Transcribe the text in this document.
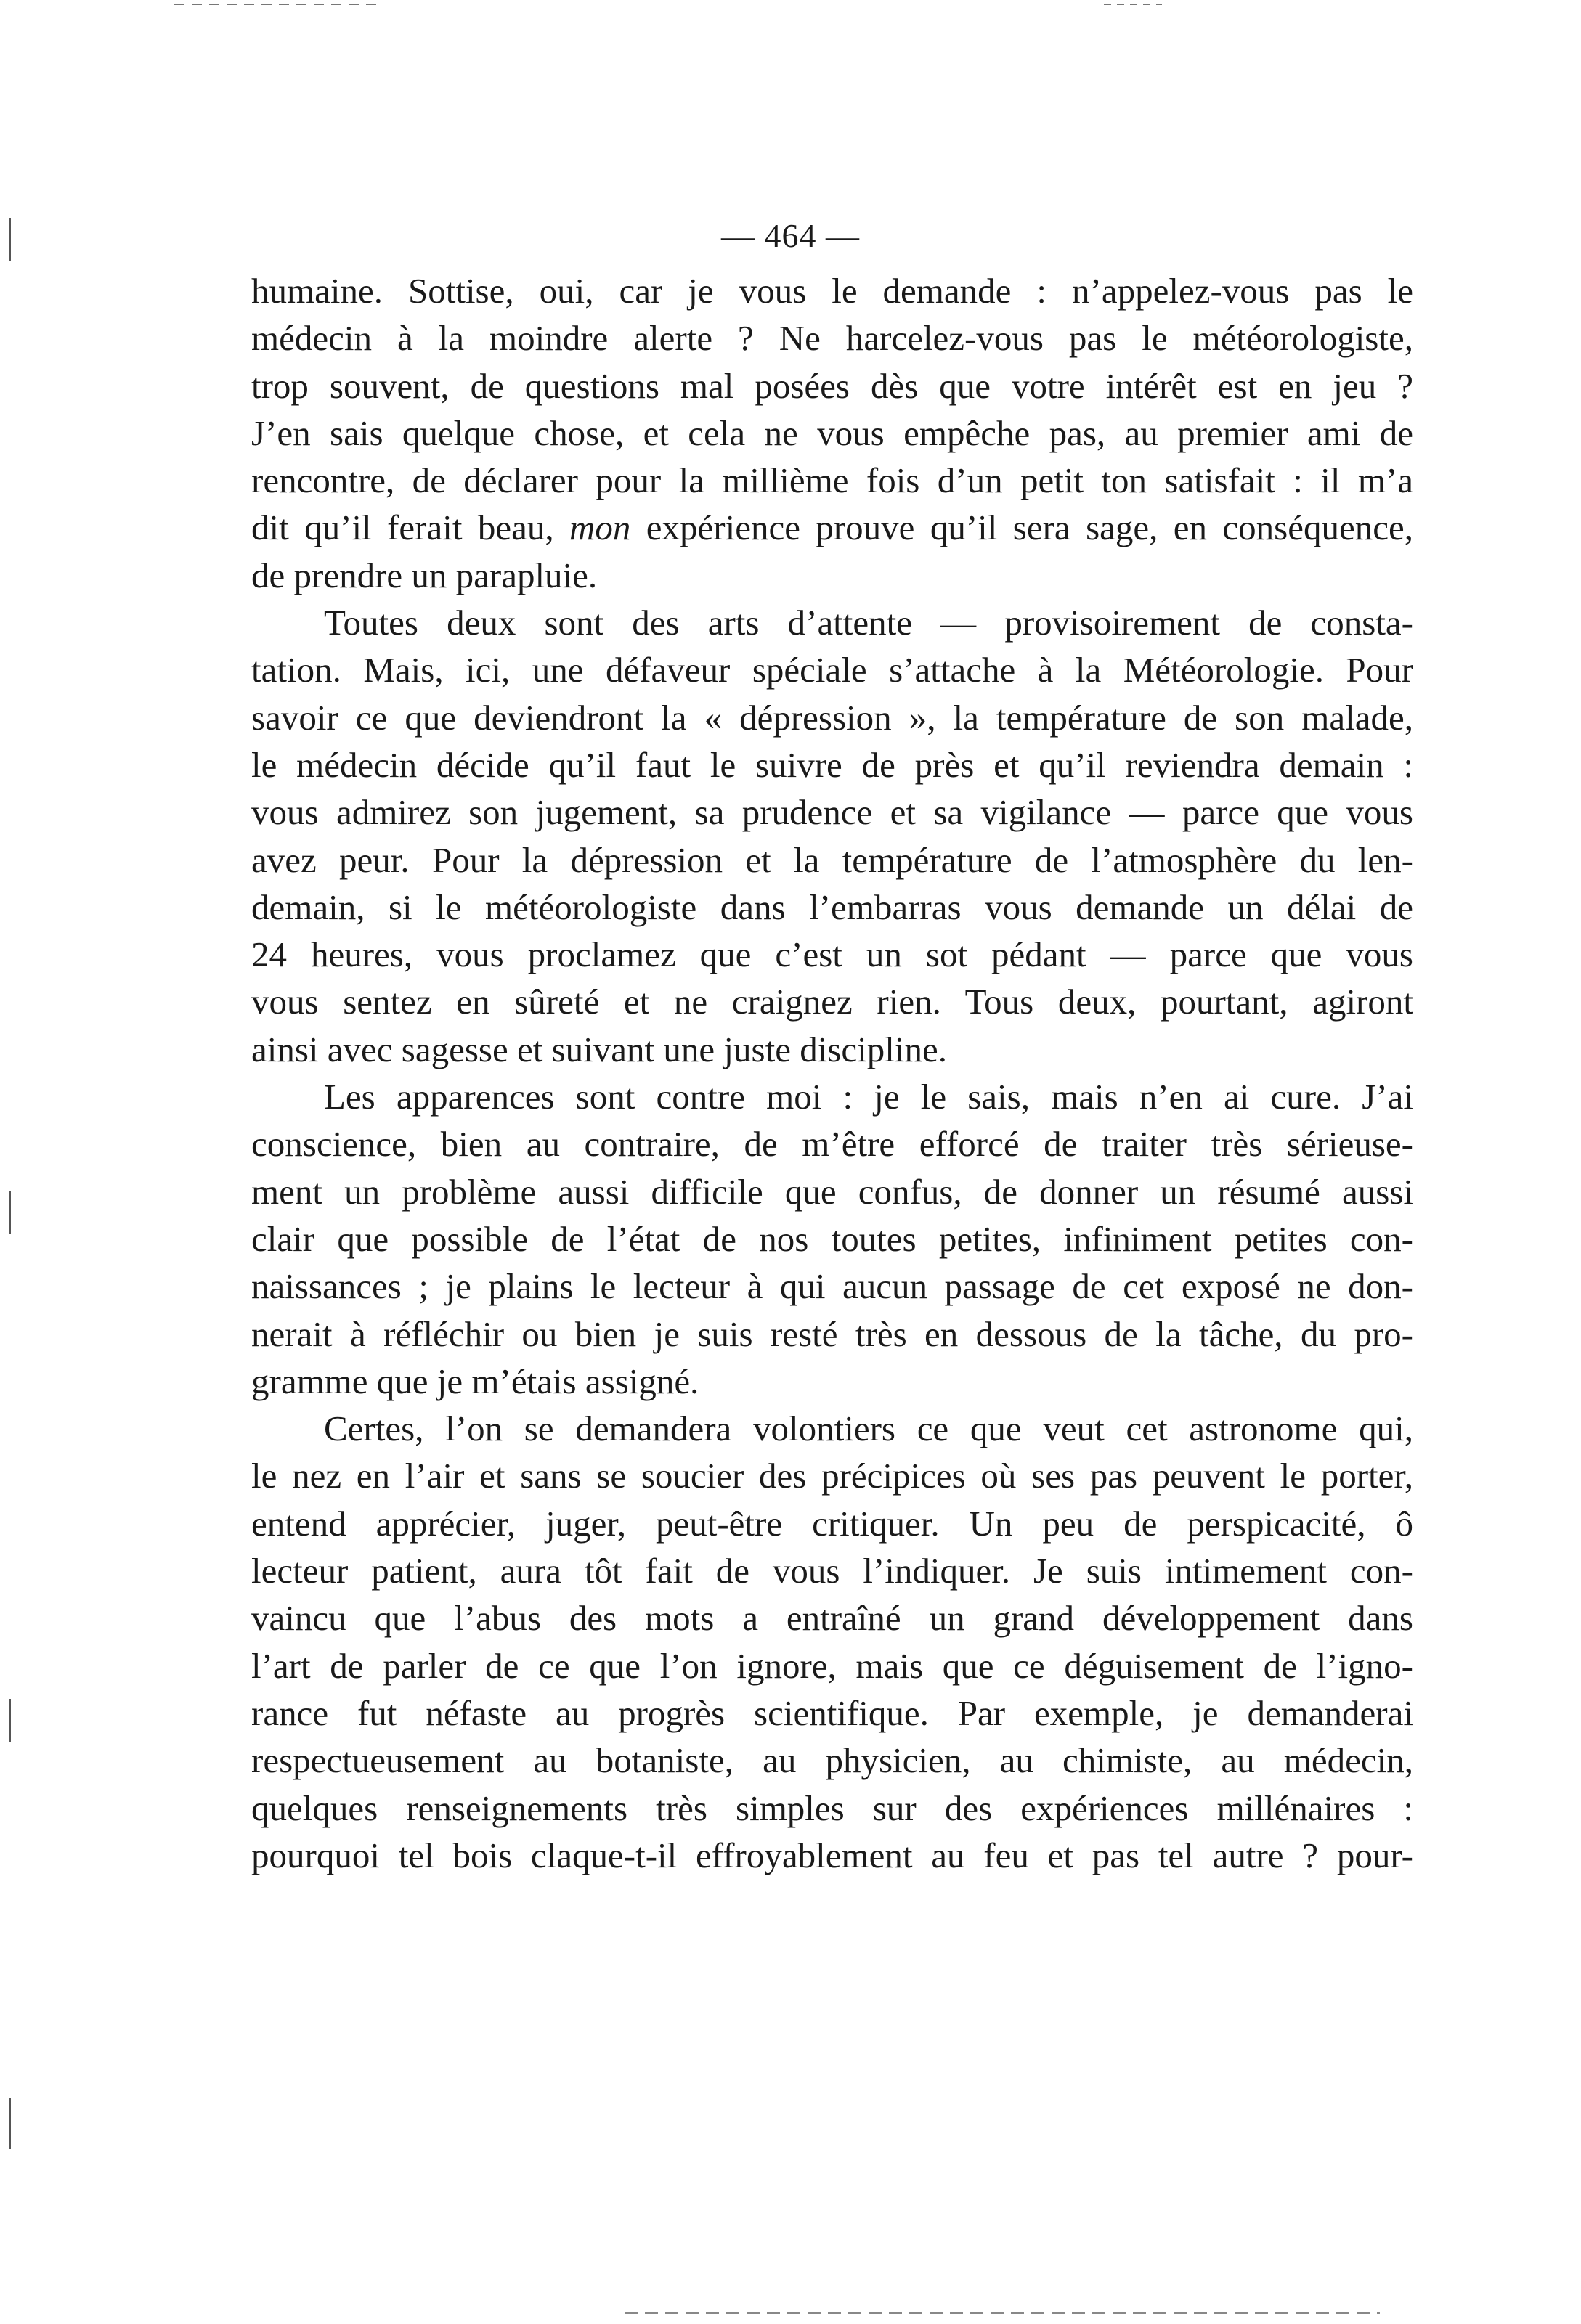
— 464 —
humaine. Sottise, oui, car je vous le demande : n’appelez-vous pas le
médecin à la moindre alerte ? Ne harcelez-vous pas le météorologiste,
trop souvent, de questions mal posées dès que votre intérêt est en jeu ?
J’en sais quelque chose, et cela ne vous empêche pas, au premier ami de
rencontre, de déclarer pour la millième fois d’un petit ton satisfait : il m’a
dit qu’il ferait beau, mon expérience prouve qu’il sera sage, en conséquence,
de prendre un parapluie.
Toutes deux sont des arts d’attente — provisoirement de consta-
tation. Mais, ici, une défaveur spéciale s’attache à la Météorologie. Pour
savoir ce que deviendront la « dépression », la température de son malade,
le médecin décide qu’il faut le suivre de près et qu’il reviendra demain :
vous admirez son jugement, sa prudence et sa vigilance — parce que vous
avez peur. Pour la dépression et la température de l’atmosphère du len-
demain, si le météorologiste dans l’embarras vous demande un délai de
24 heures, vous proclamez que c’est un sot pédant — parce que vous
vous sentez en sûreté et ne craignez rien. Tous deux, pourtant, agiront
ainsi avec sagesse et suivant une juste discipline.
Les apparences sont contre moi : je le sais, mais n’en ai cure. J’ai
conscience, bien au contraire, de m’être efforcé de traiter très sérieuse-
ment un problème aussi difficile que confus, de donner un résumé aussi
clair que possible de l’état de nos toutes petites, infiniment petites con-
naissances ; je plains le lecteur à qui aucun passage de cet exposé ne don-
nerait à réfléchir ou bien je suis resté très en dessous de la tâche, du pro-
gramme que je m’étais assigné.
Certes, l’on se demandera volontiers ce que veut cet astronome qui,
le nez en l’air et sans se soucier des précipices où ses pas peuvent le porter,
entend apprécier, juger, peut-être critiquer. Un peu de perspicacité, ô
lecteur patient, aura tôt fait de vous l’indiquer. Je suis intimement con-
vaincu que l’abus des mots a entraîné un grand développement dans
l’art de parler de ce que l’on ignore, mais que ce déguisement de l’igno-
rance fut néfaste au progrès scientifique. Par exemple, je demanderai
respectueusement au botaniste, au physicien, au chimiste, au médecin,
quelques renseignements très simples sur des expériences millénaires :
pourquoi tel bois claque-t-il effroyablement au feu et pas tel autre ? pour-
